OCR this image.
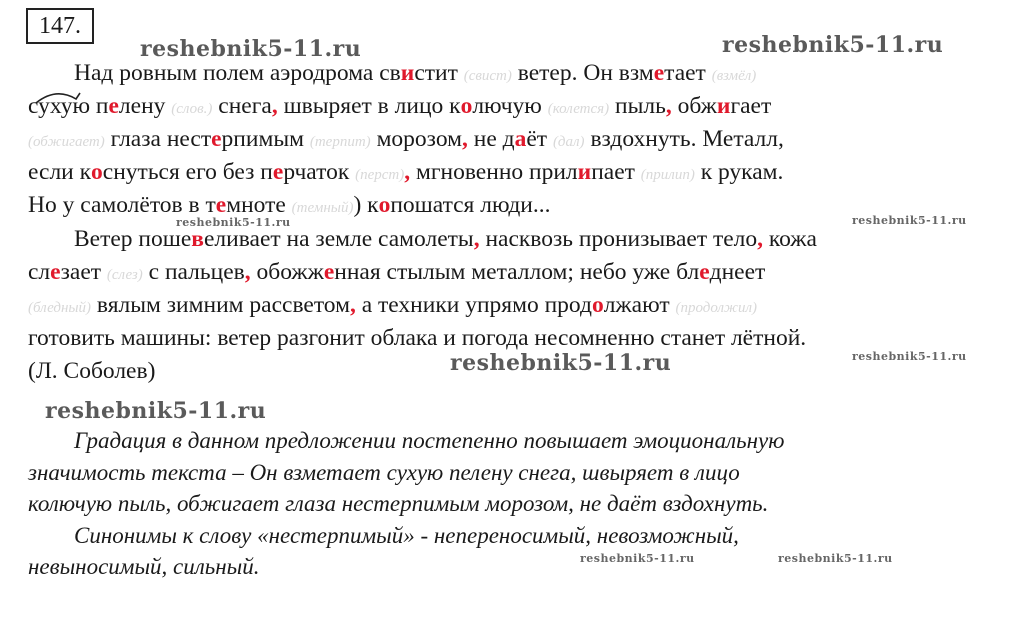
147.
reshebnik5-11.ru	reshebnik5-11.ru
reshebnik5-11.ru	reshebnik5-11.ru
reshebnik5-11.ru
reshebnik5-11.ru
reshebnik5-11.ru
reshebnik5-11.ru	reshebnik5-11.ru
Над ровным полем аэродрома свистит (свист) ветер. Он взметает (взмёл)
сухую пелену (слов.) снега, швыряет в лицо колючую (колется) пыль, обжигает
(обжигает) глаза нестерпимым (терпит) морозом, не даёт (дал) вздохнуть. Металл,
если коснуться его без перчаток (перст), мгновенно прилипает (прилип) к рукам.
Но у самолётов в темноте (темный)) копошатся люди...
Ветер пошевеливает на земле самолеты, насквозь пронизывает тело, кожа
слезает (слез) с пальцев, обожженная стылым металлом; небо уже бледнеет
(бледный) вялым зимним рассветом, а техники упрямо продолжают (продолжил)
готовить машины: ветер разгонит облака и погода несомненно станет лётной.
(Л. Соболев)
Градация в данном предложении постепенно повышает эмоциональную
значимость текста – Он взметает сухую пелену снега, швыряет в лицо
колючую пыль, обжигает глаза нестерпимым морозом, не даёт вздохнуть.
Синонимы к слову «нестерпимый» - непереносимый, невозможный,
невыносимый, сильный.
